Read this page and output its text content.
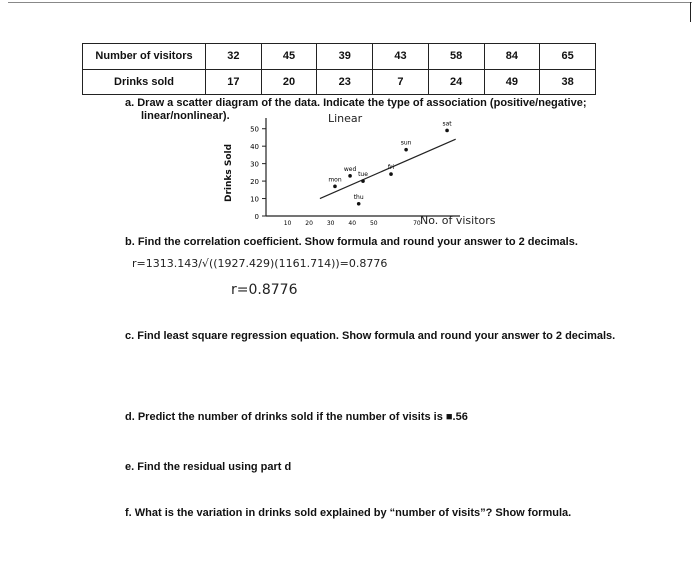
Number of visitors	32	45	39	43	58	84	65
Drinks sold	17	20	23	7	24	49	38
a. Draw a scatter diagram of the data. Indicate the type of association (positive/negative;
linear/nonlinear).	Linear
Drinks Sold
50
40
30
20
10
0
10 20 30 40 50	70
mon
tue
wed
thu
fri
sat
sun
No. of visitors
b. Find the correlation coefficient. Show formula and round your answer to 2 decimals.
r=1313.143/√((1927.429)(1161.714))=0.8776
r=0.8776
c. Find least square regression equation. Show formula and round your answer to 2 decimals.
d. Predict the number of drinks sold if the number of visits is ■.56
e. Find the residual using part d
f. What is the variation in drinks sold explained by “number of visits”? Show formula.
